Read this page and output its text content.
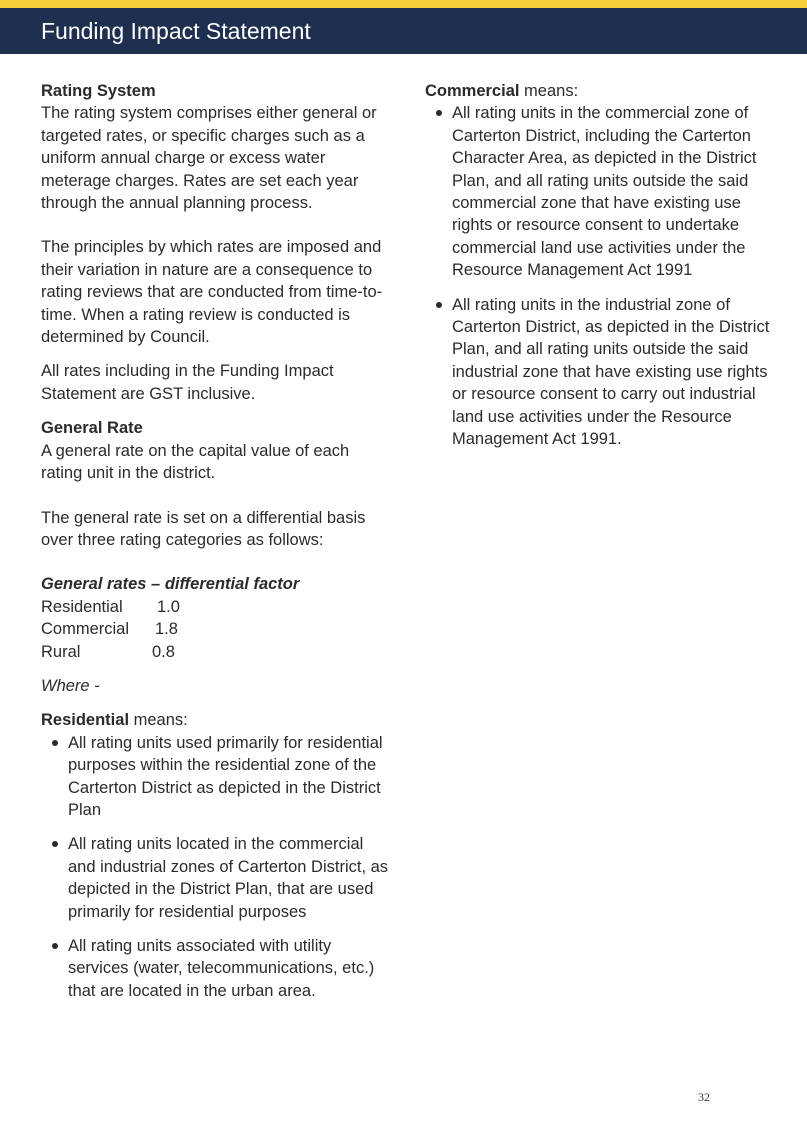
Funding Impact Statement

Rating System

The rating system comprises either general or targeted rates, or specific charges such as a uniform annual charge or excess water meterage charges. Rates are set each year through the annual planning process.

The principles by which rates are imposed and their variation in nature are a consequence to rating reviews that are conducted from time-to-time. When a rating review is conducted is determined by Council.

All rates including in the Funding Impact Statement are GST inclusive.

General Rate

A general rate on the capital value of each rating unit in the district.

The general rate is set on a differential basis over three rating categories as follows:

General rates – differential factor

Residential	1.0
Commercial	1.8
Rural	0.8

Where -

Residential means:

All rating units used primarily for residential purposes within the residential zone of the Carterton District as depicted in the District Plan
All rating units located in the commercial and industrial zones of Carterton District, as depicted in the District Plan, that are used primarily for residential purposes
All rating units associated with utility services (water, telecommunications, etc.) that are located in the urban area.

Commercial means:

All rating units in the commercial zone of Carterton District, including the Carterton Character Area, as depicted in the District Plan, and all rating units outside the said commercial zone that have existing use rights or resource consent to undertake commercial land use activities under the Resource Management Act 1991
All rating units in the industrial zone of Carterton District, as depicted in the District Plan, and all rating units outside the said industrial zone that have existing use rights or resource consent to carry out industrial land use activities under the Resource Management Act 1991.
32
